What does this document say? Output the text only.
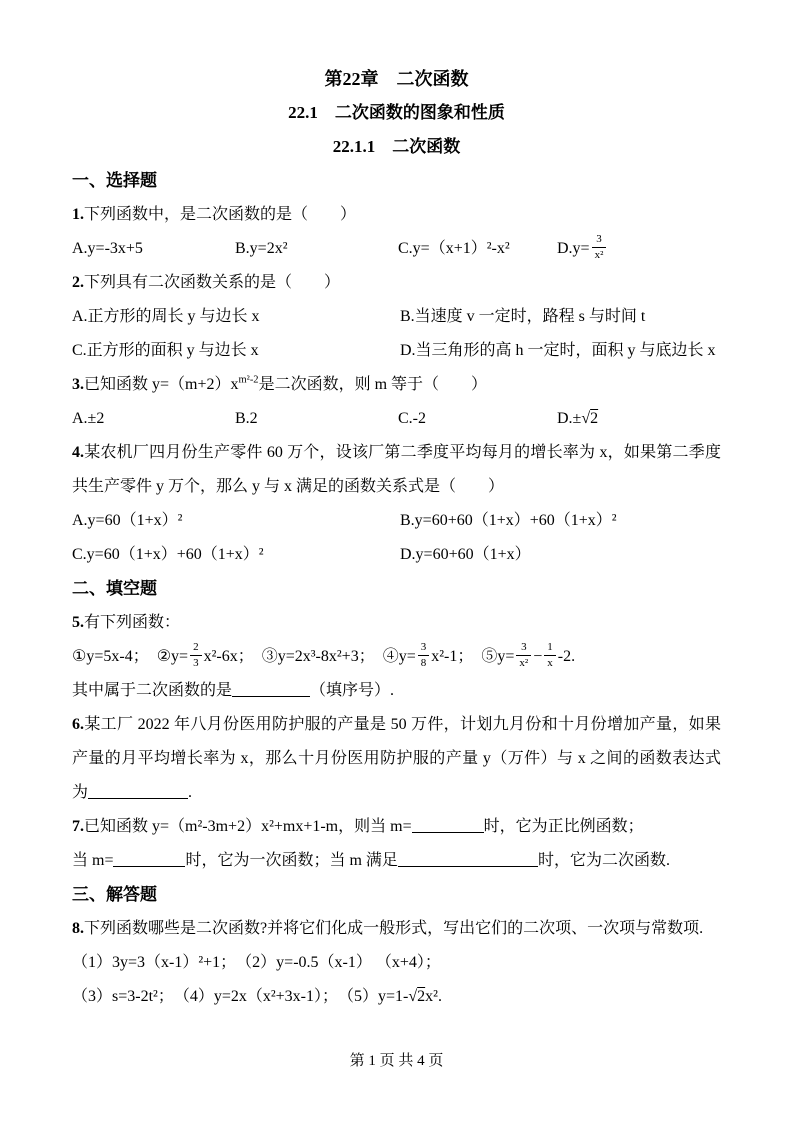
第22章　二次函数

22.1　二次函数的图象和性质

22.1.1　二次函数

一、选择题

1.下列函数中，是二次函数的是（　　）

A.y=-3x+5	B.y=2x²	C.y=（x+1）²-x²	$D.y= \frac{3}{\text{x²}}$

2.下列具有二次函数关系的是（　　）

A.正方形的周长 y 与边长 x	B.当速度 v 一定时，路程 s 与时间 t
C.正方形的面积 y 与边长 x	D.当三角形的高 h 一定时，面积 y 与底边长 x

3.已知函数 $y=(m+2)x^{m^2-2}$是二次函数，则 m 等于（　　）

A.±2	B.2	C.-2	D.±√2

4.某农机厂四月份生产零件 60 万个，设该厂第二季度平均每月的增长率为 x，如果第二季度

共生产零件 y 万个，那么 y 与 x 满足的函数关系式是（　　）

A.y=60（1+x）²	B.y=60+60（1+x）+60（1+x）²
C.y=60（1+x）+60（1+x）²	D.y=60+60（1+x）

二、填空题

5.有下列函数：

①y=5x-4； ②y= $\frac{2}{3} x^2-6x$； ③y=2x³-8x²+3； ④y= $\frac{3}{8} x^2-1$； ⑤y= $\frac{3}{\text{x²}} - \frac{1}{x} -2$.

其中属于二次函数的是	（填序号）.

6.某工厂 2022 年八月份医用防护服的产量是 50 万件，计划九月份和十月份增加产量，如果

产量的月平均增长率为 x，那么十月份医用防护服的产量 y（万件）与 x 之间的函数表达式

为	.

7.已知函数 y=（m²-3m+2）x²+mx+1-m，则当 m=	时，它为正比例函数；

当 m=	时，它为一次函数；当 m 满足	时，它为二次函数.

三、解答题

8.下列函数哪些是二次函数?并将它们化成一般形式，写出它们的二次项、一次项与常数项.

（1）3y=3（x-1）²+1；　（2）y=-0.5（x-1） （x+4）；

（3）s=3-2t²；　（4）y=2x（x²+3x-1）；　（5）y=1-√2x².

第 1 页 共 4 页
